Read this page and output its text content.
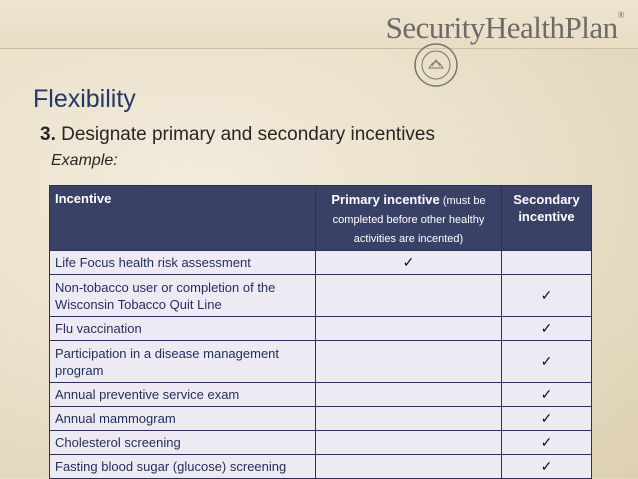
SecurityHealthPlan®
Flexibility
3. Designate primary and secondary incentives
Example:
Incentive	Primary incentive (must be completed before other healthy activities are incented)	Secondary incentive
Life Focus health risk assessment	✓	
Non-tobacco user or completion of the Wisconsin Tobacco Quit Line		✓
Flu vaccination		✓
Participation in a disease management program		✓
Annual preventive service exam		✓
Annual mammogram		✓
Cholesterol screening		✓
Fasting blood sugar (glucose) screening		✓
